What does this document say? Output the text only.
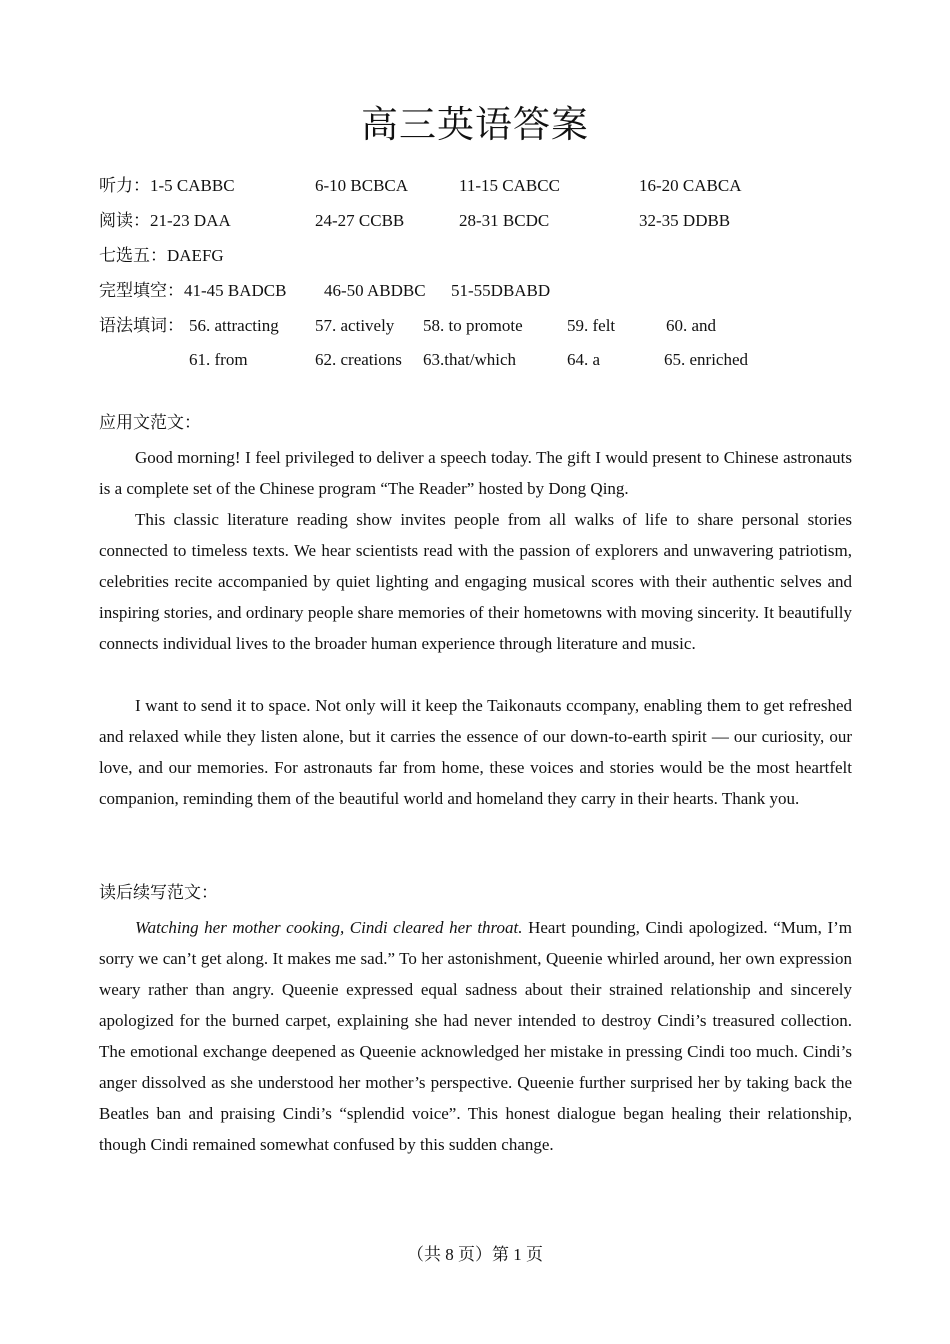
高三英语答案
听力：1-5 CABBC	6-10 BCBCA	11-15 CABCC	16-20 CABCA
阅读：21-23 DAA	24-27 CCBB	28-31 BCDC	32-35 DDBB
七选五：DAEFG
完型填空：41-45 BADCB 46-50 ABDBC 51-55DBABD
语法填词： 56. attracting 57. actively 58. to promote	59. felt	60. and
61. from	62. creations 63.that/which	64. a	65. enriched
应用文范文：

Good morning! I feel privileged to deliver a speech today. The gift I would present to Chinese astronauts is a complete set of the Chinese program “The Reader” hosted by Dong Qing.

This classic literature reading show invites people from all walks of life to share personal stories connected to timeless texts. We hear scientists read with the passion of explorers and unwavering patriotism, celebrities recite accompanied by quiet lighting and engaging musical scores with their authentic selves and inspiring stories, and ordinary people share memories of their hometowns with moving sincerity. It beautifully connects individual lives to the broader human experience through literature and music.

I want to send it to space. Not only will it keep the Taikonauts ccompany, enabling them to get refreshed and relaxed while they listen alone, but it carries the essence of our down-to-earth spirit — our curiosity, our love, and our memories. For astronauts far from home, these voices and stories would be the most heartfelt companion, reminding them of the beautiful world and homeland they carry in their hearts. Thank you.

读后续写范文：

Watching her mother cooking, Cindi cleared her throat. Heart pounding, Cindi apologized. “Mum, I’m sorry we can’t get along. It makes me sad.” To her astonishment, Queenie whirled around, her own expression weary rather than angry. Queenie expressed equal sadness about their strained relationship and sincerely apologized for the burned carpet, explaining she had never intended to destroy Cindi’s treasured collection. The emotional exchange deepened as Queenie acknowledged her mistake in pressing Cindi too much. Cindi’s anger dissolved as she understood her mother’s perspective. Queenie further surprised her by taking back the Beatles ban and praising Cindi’s “splendid voice”. This honest dialogue began healing their relationship, though Cindi remained somewhat confused by this sudden change.

（共 8 页）第 1 页
